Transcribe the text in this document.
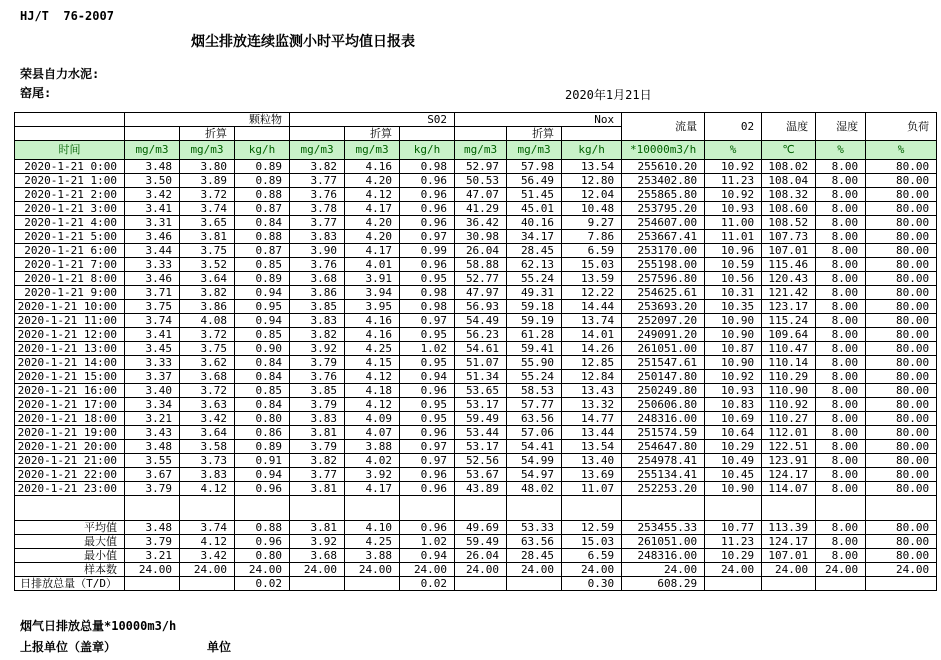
HJ/T  76-2007
烟尘排放连续监测小时平均值日报表
荣县自力水泥:
窑尾:	2020年1月21日
	颗粒物			S02			Nox			流量	02	温度	湿度	负荷
		折算			折算			折算						
时间	mg/m3	mg/m3	kg/h	mg/m3	mg/m3	kg/h	mg/m3	mg/m3	kg/h	*10000m3/h	%	℃	%	%
2020-1-21 0:00	3.48	3.80	0.89	3.82	4.16	0.98	52.97	57.98	13.54	255610.20	10.92	108.02	8.00	80.00
2020-1-21 1:00	3.50	3.89	0.89	3.77	4.20	0.96	50.53	56.49	12.80	253402.80	11.23	108.04	8.00	80.00
2020-1-21 2:00	3.42	3.72	0.88	3.76	4.12	0.96	47.07	51.45	12.04	255865.80	10.92	108.32	8.00	80.00
2020-1-21 3:00	3.41	3.74	0.87	3.78	4.17	0.96	41.29	45.01	10.48	253795.20	10.93	108.60	8.00	80.00
2020-1-21 4:00	3.31	3.65	0.84	3.77	4.20	0.96	36.42	40.16	9.27	254607.00	11.00	108.52	8.00	80.00
2020-1-21 5:00	3.46	3.81	0.88	3.83	4.20	0.97	30.98	34.17	7.86	253667.41	11.01	107.73	8.00	80.00
2020-1-21 6:00	3.44	3.75	0.87	3.90	4.17	0.99	26.04	28.45	6.59	253170.00	10.96	107.01	8.00	80.00
2020-1-21 7:00	3.33	3.52	0.85	3.76	4.01	0.96	58.88	62.13	15.03	255198.00	10.59	115.46	8.00	80.00
2020-1-21 8:00	3.46	3.64	0.89	3.68	3.91	0.95	52.77	55.24	13.59	257596.80	10.56	120.43	8.00	80.00
2020-1-21 9:00	3.71	3.82	0.94	3.86	3.94	0.98	47.97	49.31	12.22	254625.61	10.31	121.42	8.00	80.00
2020-1-21 10:00	3.75	3.86	0.95	3.85	3.95	0.98	56.93	59.18	14.44	253693.20	10.35	123.17	8.00	80.00
2020-1-21 11:00	3.74	4.08	0.94	3.83	4.16	0.97	54.49	59.19	13.74	252097.20	10.90	115.24	8.00	80.00
2020-1-21 12:00	3.41	3.72	0.85	3.82	4.16	0.95	56.23	61.28	14.01	249091.20	10.90	109.64	8.00	80.00
2020-1-21 13:00	3.45	3.75	0.90	3.92	4.25	1.02	54.61	59.41	14.26	261051.00	10.87	110.47	8.00	80.00
2020-1-21 14:00	3.33	3.62	0.84	3.79	4.15	0.95	51.07	55.90	12.85	251547.61	10.90	110.14	8.00	80.00
2020-1-21 15:00	3.37	3.68	0.84	3.76	4.12	0.94	51.34	55.24	12.84	250147.80	10.92	110.29	8.00	80.00
2020-1-21 16:00	3.40	3.72	0.85	3.85	4.18	0.96	53.65	58.53	13.43	250249.80	10.93	110.90	8.00	80.00
2020-1-21 17:00	3.34	3.63	0.84	3.79	4.12	0.95	53.17	57.77	13.32	250606.80	10.83	110.92	8.00	80.00
2020-1-21 18:00	3.21	3.42	0.80	3.83	4.09	0.95	59.49	63.56	14.77	248316.00	10.69	110.27	8.00	80.00
2020-1-21 19:00	3.43	3.64	0.86	3.81	4.07	0.96	53.44	57.06	13.44	251574.59	10.64	112.01	8.00	80.00
2020-1-21 20:00	3.48	3.58	0.89	3.79	3.88	0.97	53.17	54.41	13.54	254647.80	10.29	122.51	8.00	80.00
2020-1-21 21:00	3.55	3.73	0.91	3.82	4.02	0.97	52.56	54.99	13.40	254978.41	10.49	123.91	8.00	80.00
2020-1-21 22:00	3.67	3.83	0.94	3.77	3.92	0.96	53.67	54.97	13.69	255134.41	10.45	124.17	8.00	80.00
2020-1-21 23:00	3.79	4.12	0.96	3.81	4.17	0.96	43.89	48.02	11.07	252253.20	10.90	114.07	8.00	80.00

平均值	3.48	3.74	0.88	3.81	4.10	0.96	49.69	53.33	12.59	253455.33	10.77	113.39	8.00	80.00
最大值	3.79	4.12	0.96	3.92	4.25	1.02	59.49	63.56	15.03	261051.00	11.23	124.17	8.00	80.00
最小值	3.21	3.42	0.80	3.68	3.88	0.94	26.04	28.45	6.59	248316.00	10.29	107.01	8.00	80.00
样本数	24.00	24.00	24.00	24.00	24.00	24.00	24.00	24.00	24.00	24.00	24.00	24.00	24.00	24.00
日排放总量（T/D）			0.02			0.02			0.30	608.29				
烟气日排放总量*10000m3/h
上报单位（盖章）	单位
